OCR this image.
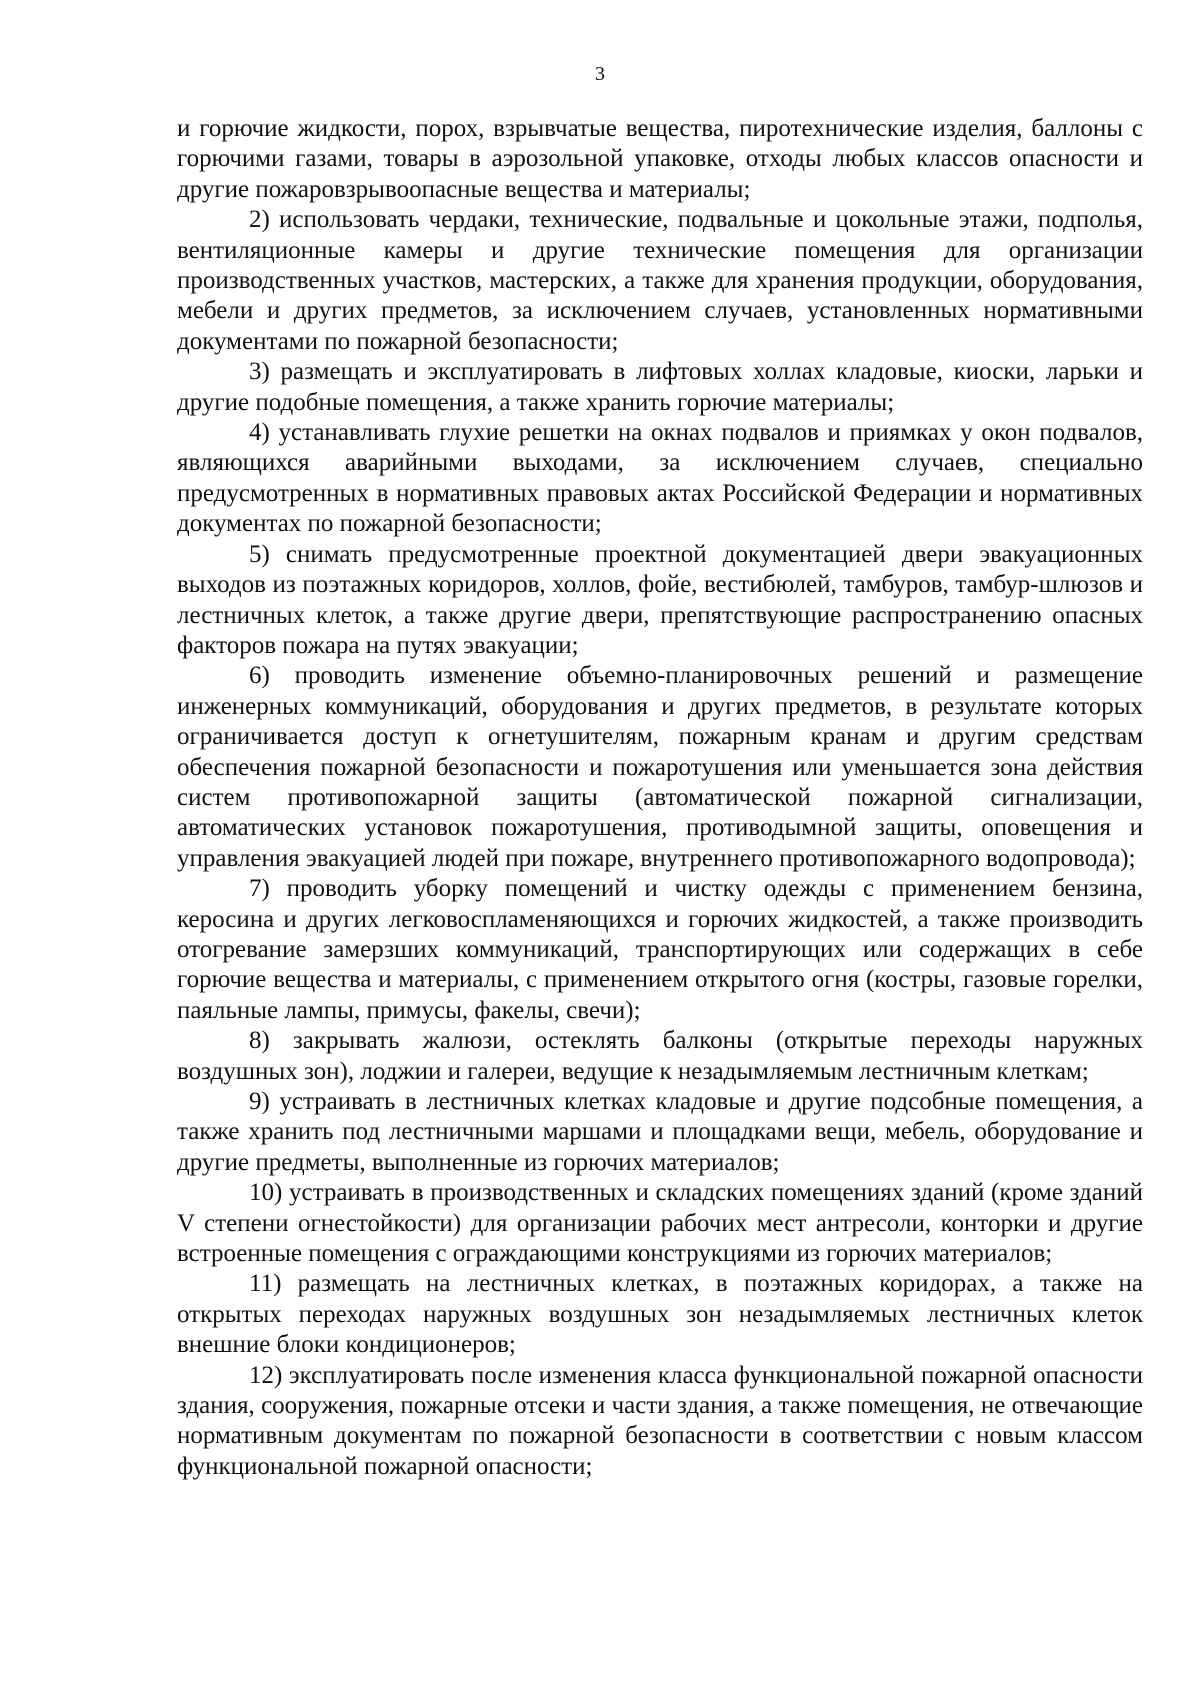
3

и горючие жидкости, порох, взрывчатые вещества, пиротехнические изделия, баллоны с горючими газами, товары в аэрозольной упаковке, отходы любых классов опасности и другие пожаровзрывоопасные вещества и материалы;

2) использовать чердаки, технические, подвальные и цокольные этажи, подполья, вентиляционные камеры и другие технические помещения для организации производственных участков, мастерских, а также для хранения продукции, оборудования, мебели и других предметов, за исключением случаев, установленных нормативными документами по пожарной безопасности;

3) размещать и эксплуатировать в лифтовых холлах кладовые, киоски, ларьки и другие подобные помещения, а также хранить горючие материалы;

4) устанавливать глухие решетки на окнах подвалов и приямках у окон подвалов, являющихся аварийными выходами, за исключением случаев, специально предусмотренных в нормативных правовых актах Российской Федерации и нормативных документах по пожарной безопасности;

5) снимать предусмотренные проектной документацией двери эвакуационных выходов из поэтажных коридоров, холлов, фойе, вестибюлей, тамбуров, тамбур-шлюзов и лестничных клеток, а также другие двери, препятствующие распространению опасных факторов пожара на путях эвакуации;

6) проводить изменение объемно-планировочных решений и размещение инженерных коммуникаций, оборудования и других предметов, в результате которых ограничивается доступ к огнетушителям, пожарным кранам и другим средствам обеспечения пожарной безопасности и пожаротушения или уменьшается зона действия систем противопожарной защиты (автоматической пожарной сигнализации, автоматических установок пожаротушения, противодымной защиты, оповещения и управления эвакуацией людей при пожаре, внутреннего противопожарного водопровода);

7) проводить уборку помещений и чистку одежды с применением бензина, керосина и других легковоспламеняющихся и горючих жидкостей, а также производить отогревание замерзших коммуникаций, транспортирующих или содержащих в себе горючие вещества и материалы, с применением открытого огня (костры, газовые горелки, паяльные лампы, примусы, факелы, свечи);

8) закрывать жалюзи, остеклять балконы (открытые переходы наружных воздушных зон), лоджии и галереи, ведущие к незадымляемым лестничным клеткам;

9) устраивать в лестничных клетках кладовые и другие подсобные помещения, а также хранить под лестничными маршами и площадками вещи, мебель, оборудование и другие предметы, выполненные из горючих материалов;

10) устраивать в производственных и складских помещениях зданий (кроме зданий V степени огнестойкости) для организации рабочих мест антресоли, конторки и другие встроенные помещения с ограждающими конструкциями из горючих материалов;

11) размещать на лестничных клетках, в поэтажных коридорах, а также на открытых переходах наружных воздушных зон незадымляемых лестничных клеток внешние блоки кондиционеров;

12) эксплуатировать после изменения класса функциональной пожарной опасности здания, сооружения, пожарные отсеки и части здания, а также помещения, не отвечающие нормативным документам по пожарной безопасности в соответствии с новым классом функциональной пожарной опасности;
